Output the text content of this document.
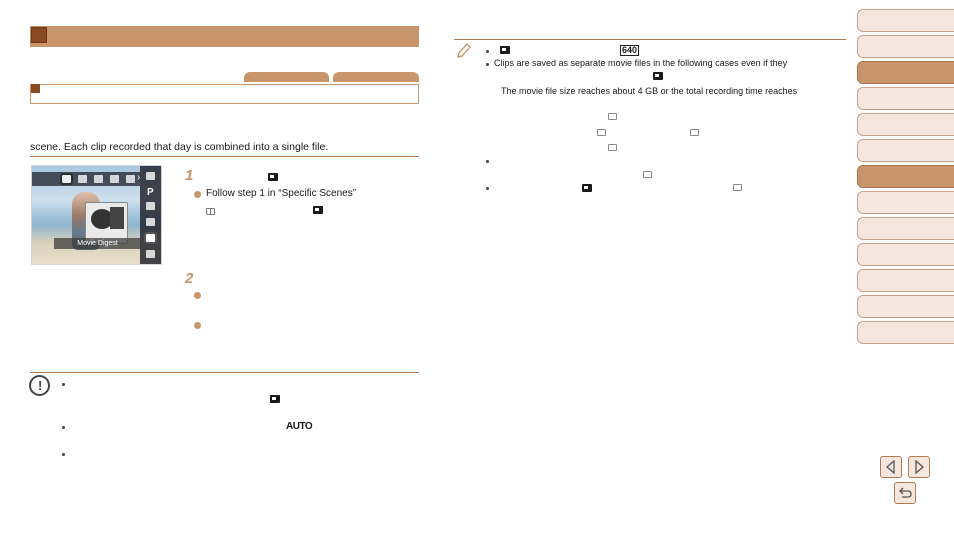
scene. Each clip recorded that day is combined into a single file.
›
P
Movie Digest
1
Follow step 1 in “Specific Scenes”
2
!
AUTO
640
Clips are saved as separate movie files in the following cases even if they
The movie file size reaches about 4 GB or the total recording time reaches
